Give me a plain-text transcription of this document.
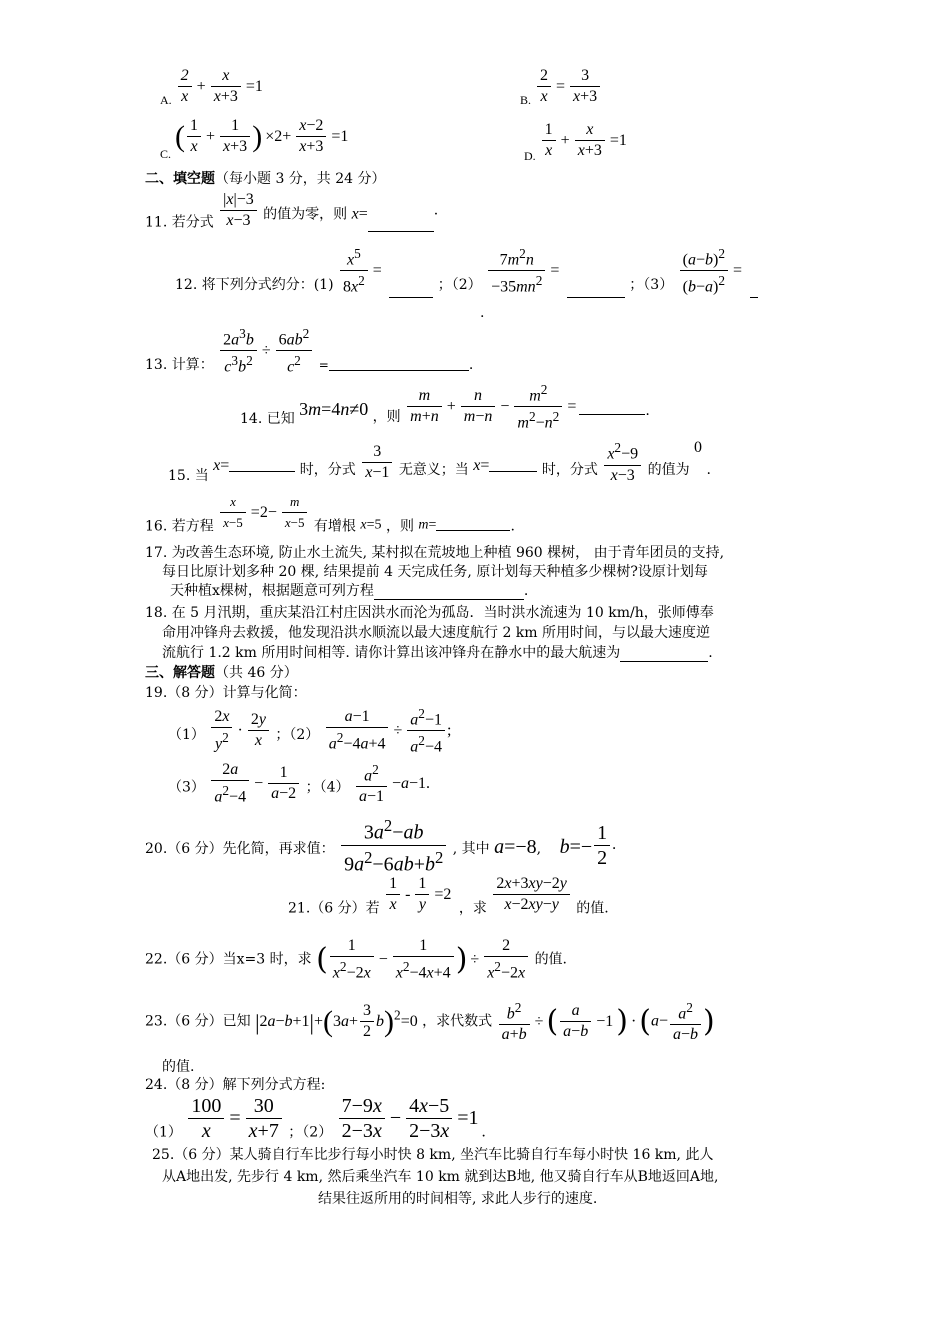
$_{A.} \frac{2}{x} + \frac{x}{x+3} =1$
$_{B.} \frac{2}{x} = \frac{3}{x+3}$
$_{C.}$ ( $\frac{1}{x} + \frac{1}{x+3}$ ) $\times 2+ \frac{x-2}{x+3} =1$
$_{D.} \frac{1}{x} + \frac{x}{x+3} =1$
二、填空题（每小题 3 分，共 24 分）
11. 若分式 $\frac{|x|-3}{x-3}$ 的值为零，则 x=	.
12. 将下列分式约分：$(1) \frac{x^5}{8x^2}$ =  ；$(2) \frac{7m^2n}{-35mn^2}$ =  ；$(3) \frac{(a-b)^2}{(b-a)^2}$ =
.
13. 计算： $\frac{2a^3b}{c^3b^2} \div \frac{6ab^2}{c^2}$ =	.
14. 已知 3m=4n≠0 ，则 $\frac{m}{m+n} + \frac{n}{m-n} - \frac{m^2}{m^2-n^2}$ =	.
15. 当 x=	时，分式 $\frac{3}{x-1}$ 无意义；当 x=	时，分式 $\frac{x^2-9}{x-3}$ 的值为 0 .
16. 若方程 $\frac{x}{x-5} =2- \frac{m}{x-5}$ 有增根 x=5 ，则 m=	.
17. 为改善生态环境, 防止水土流失, 某村拟在荒坡地上种植 960 棵树， 由于青年团员的支持,
每日比原计划多种 20 棵, 结果提前 4 天完成任务, 原计划每天种植多少棵树?设原计划每
天种植x棵树，根据题意可列方程	.
18. 在 5 月汛期，重庆某沿江村庄因洪水而沦为孤岛．当时洪水流速为 10 km/h，张师傅奉
命用冲锋舟去救援，他发现沿洪水顺流以最大速度航行 2 km 所用时间，与以最大速度逆
流航行 1.2 km 所用时间相等. 请你计算出该冲锋舟在静水中的最大航速为	.
三、解答题（共 46 分）
19.（8 分）计算与化简：
$(1) \frac{2x}{y^2} \cdot \frac{2y}{x}$ ；$(2) \frac{a-1}{a^2-4a+4} \div \frac{a^2-1}{a^2-4}$ ;
$(3) \frac{2a}{a^2-4} - \frac{1}{a-2}$ ；$(4) \frac{a^2}{a-1} -a-1$.
20.（6 分）先化简，再求值： $\frac{3a^2-ab}{9a^2-6ab+b^2}$ , 其中 a=−8, $b=- \frac{1}{2}$ .
21.（6 分）若 $\frac{1}{x} - \frac{1}{y} =2$ ，求 $\frac{2x+3xy-2y}{x-2xy-y}$ 的值.
22.（6 分）当x=3 时，求 ( $\frac{1}{x^2-2x} - \frac{1}{x^2-4x+4}$ ) ÷ $\frac{2}{x^2-2x}$ 的值.
23.（6 分）已知 $|2a-b+1|+(3a+ \frac{3}{2} b)^2=0$ ，求代数式 $\frac{b^2}{a+b}$ ÷ ( $\frac{a}{a-b} -1$ ) · ($a- \frac{a^2}{a-b}$ )
的值.
24.（8 分）解下列分式方程:
$(1) \frac{100}{x} = \frac{30}{x+7}$ ；$(2) \frac{7-9x}{2-3x} - \frac{4x-5}{2-3x} =1$.
25.（6 分）某人骑自行车比步行每小时快 8 km, 坐汽车比骑自行车每小时快 16 km, 此人
从A地出发, 先步行 4 km, 然后乘坐汽车 10 km 就到达B地, 他又骑自行车从B地返回A地,
结果往返所用的时间相等, 求此人步行的速度.
